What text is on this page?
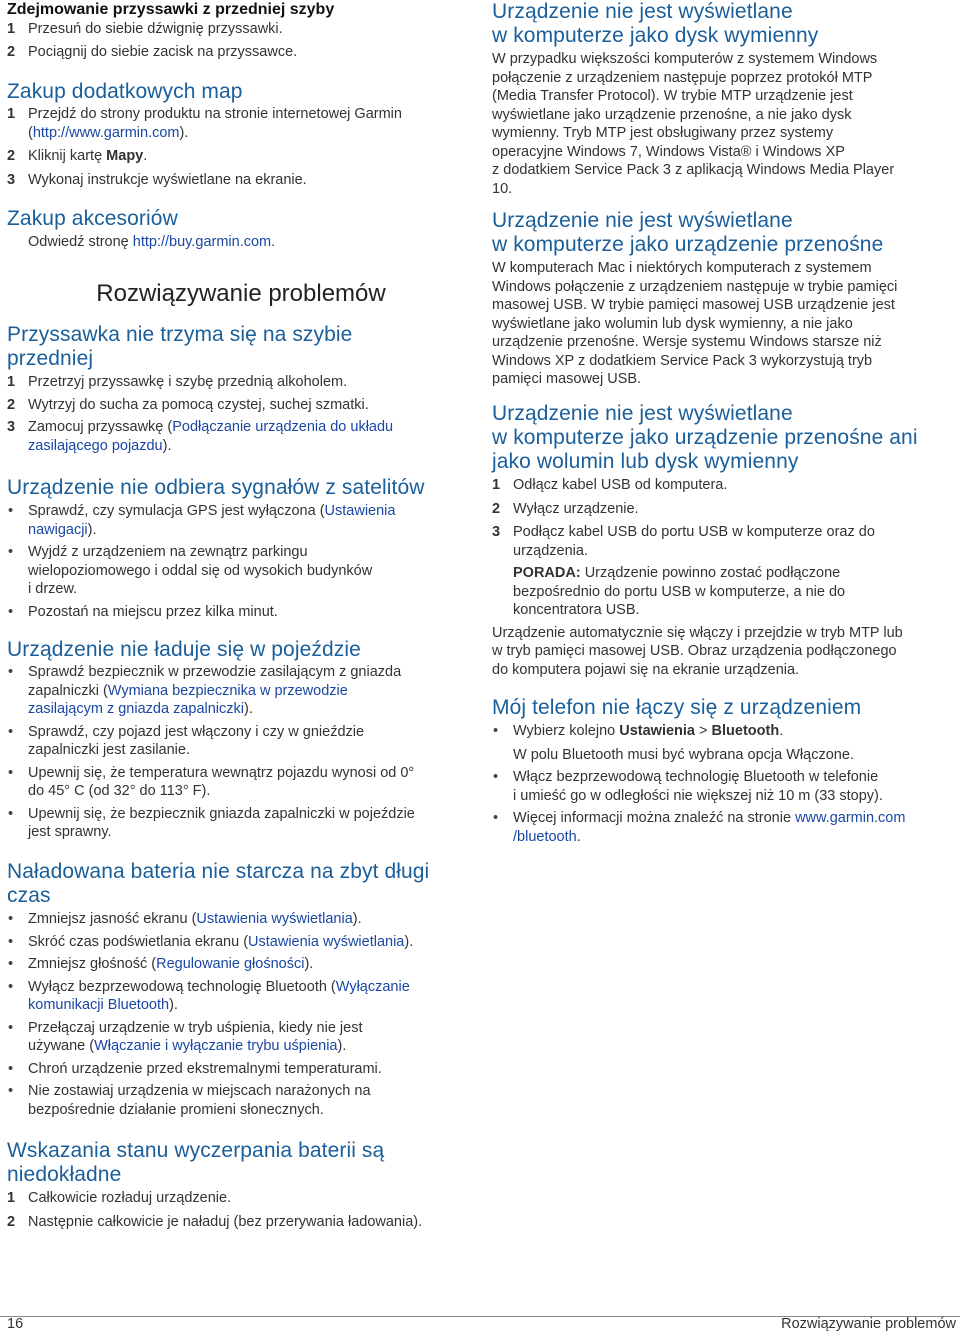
Zdejmowanie przyssawki z przedniej szyby

1 Przesuń do siebie dźwignię przyssawki.
2 Pociągnij do siebie zacisk na przyssawce.

Zakup dodatkowych map

1 Przejdź do strony produktu na stronie internetowej Garmin
(http://www.garmin.com).
2 Kliknij kartę Mapy.
3 Wykonaj instrukcje wyświetlane na ekranie.

Zakup akcesoriów

Odwiedź stronę http://buy.garmin.com.

Rozwiązywanie problemów

Przyssawka nie trzyma się na szybie
przedniej

1 Przetrzyj przyssawkę i szybę przednią alkoholem.
2 Wytrzyj do sucha za pomocą czystej, suchej szmatki.
3 Zamocuj przyssawkę (Podłączanie urządzenia do układu
zasilającego pojazdu).

Urządzenie nie odbiera sygnałów z satelitów

• Sprawdź, czy symulacja GPS jest wyłączona (Ustawienia
nawigacji).
• Wyjdź z urządzeniem na zewnątrz parkingu
wielopoziomowego i oddal się od wysokich budynków
i drzew.
• Pozostań na miejscu przez kilka minut.

Urządzenie nie ładuje się w pojeździe

• Sprawdź bezpiecznik w przewodzie zasilającym z gniazda
zapalniczki (Wymiana bezpiecznika w przewodzie
zasilającym z gniazda zapalniczki).
• Sprawdź, czy pojazd jest włączony i czy w gnieździe
zapalniczki jest zasilanie.
• Upewnij się, że temperatura wewnątrz pojazdu wynosi od 0°
do 45° C (od 32° do 113° F).
• Upewnij się, że bezpiecznik gniazda zapalniczki w pojeździe
jest sprawny.

Naładowana bateria nie starcza na zbyt długi
czas

• Zmniejsz jasność ekranu (Ustawienia wyświetlania).
• Skróć czas podświetlania ekranu (Ustawienia wyświetlania).
• Zmniejsz głośność (Regulowanie głośności).
• Wyłącz bezprzewodową technologię Bluetooth (Wyłączanie
komunikacji Bluetooth).
• Przełączaj urządzenie w tryb uśpienia, kiedy nie jest
używane (Włączanie i wyłączanie trybu uśpienia).
• Chroń urządzenie przed ekstremalnymi temperaturami.
• Nie zostawiaj urządzenia w miejscach narażonych na
bezpośrednie działanie promieni słonecznych.

Wskazania stanu wyczerpania baterii są
niedokładne

1 Całkowicie rozładuj urządzenie.
2 Następnie całkowicie je naładuj (bez przerywania ładowania).

Urządzenie nie jest wyświetlane
w komputerze jako dysk wymienny

W przypadku większości komputerów z systemem Windows
połączenie z urządzeniem następuje poprzez protokół MTP
(Media Transfer Protocol). W trybie MTP urządzenie jest
wyświetlane jako urządzenie przenośne, a nie jako dysk
wymienny. Tryb MTP jest obsługiwany przez systemy
operacyjne Windows 7, Windows Vista® i Windows XP
z dodatkiem Service Pack 3 z aplikacją Windows Media Player
10.

Urządzenie nie jest wyświetlane
w komputerze jako urządzenie przenośne

W komputerach Mac i niektórych komputerach z systemem
Windows połączenie z urządzeniem następuje w trybie pamięci
masowej USB. W trybie pamięci masowej USB urządzenie jest
wyświetlane jako wolumin lub dysk wymienny, a nie jako
urządzenie przenośne. Wersje systemu Windows starsze niż
Windows XP z dodatkiem Service Pack 3 wykorzystują tryb
pamięci masowej USB.

Urządzenie nie jest wyświetlane
w komputerze jako urządzenie przenośne ani
jako wolumin lub dysk wymienny

1 Odłącz kabel USB od komputera.
2 Wyłącz urządzenie.
3 Podłącz kabel USB do portu USB w komputerze oraz do
urządzenia.
PORADA: Urządzenie powinno zostać podłączone
bezpośrednio do portu USB w komputerze, a nie do
koncentratora USB.

Urządzenie automatycznie się włączy i przejdzie w tryb MTP lub
w tryb pamięci masowej USB. Obraz urządzenia podłączonego
do komputera pojawi się na ekranie urządzenia.

Mój telefon nie łączy się z urządzeniem

• Wybierz kolejno Ustawienia > Bluetooth.
W polu Bluetooth musi być wybrana opcja Włączone.
• Włącz bezprzewodową technologię Bluetooth w telefonie
i umieść go w odległości nie większej niż 10 m (33 stopy).
• Więcej informacji można znaleźć na stronie www.garmin.com
/bluetooth.
16	Rozwiązywanie problemów
